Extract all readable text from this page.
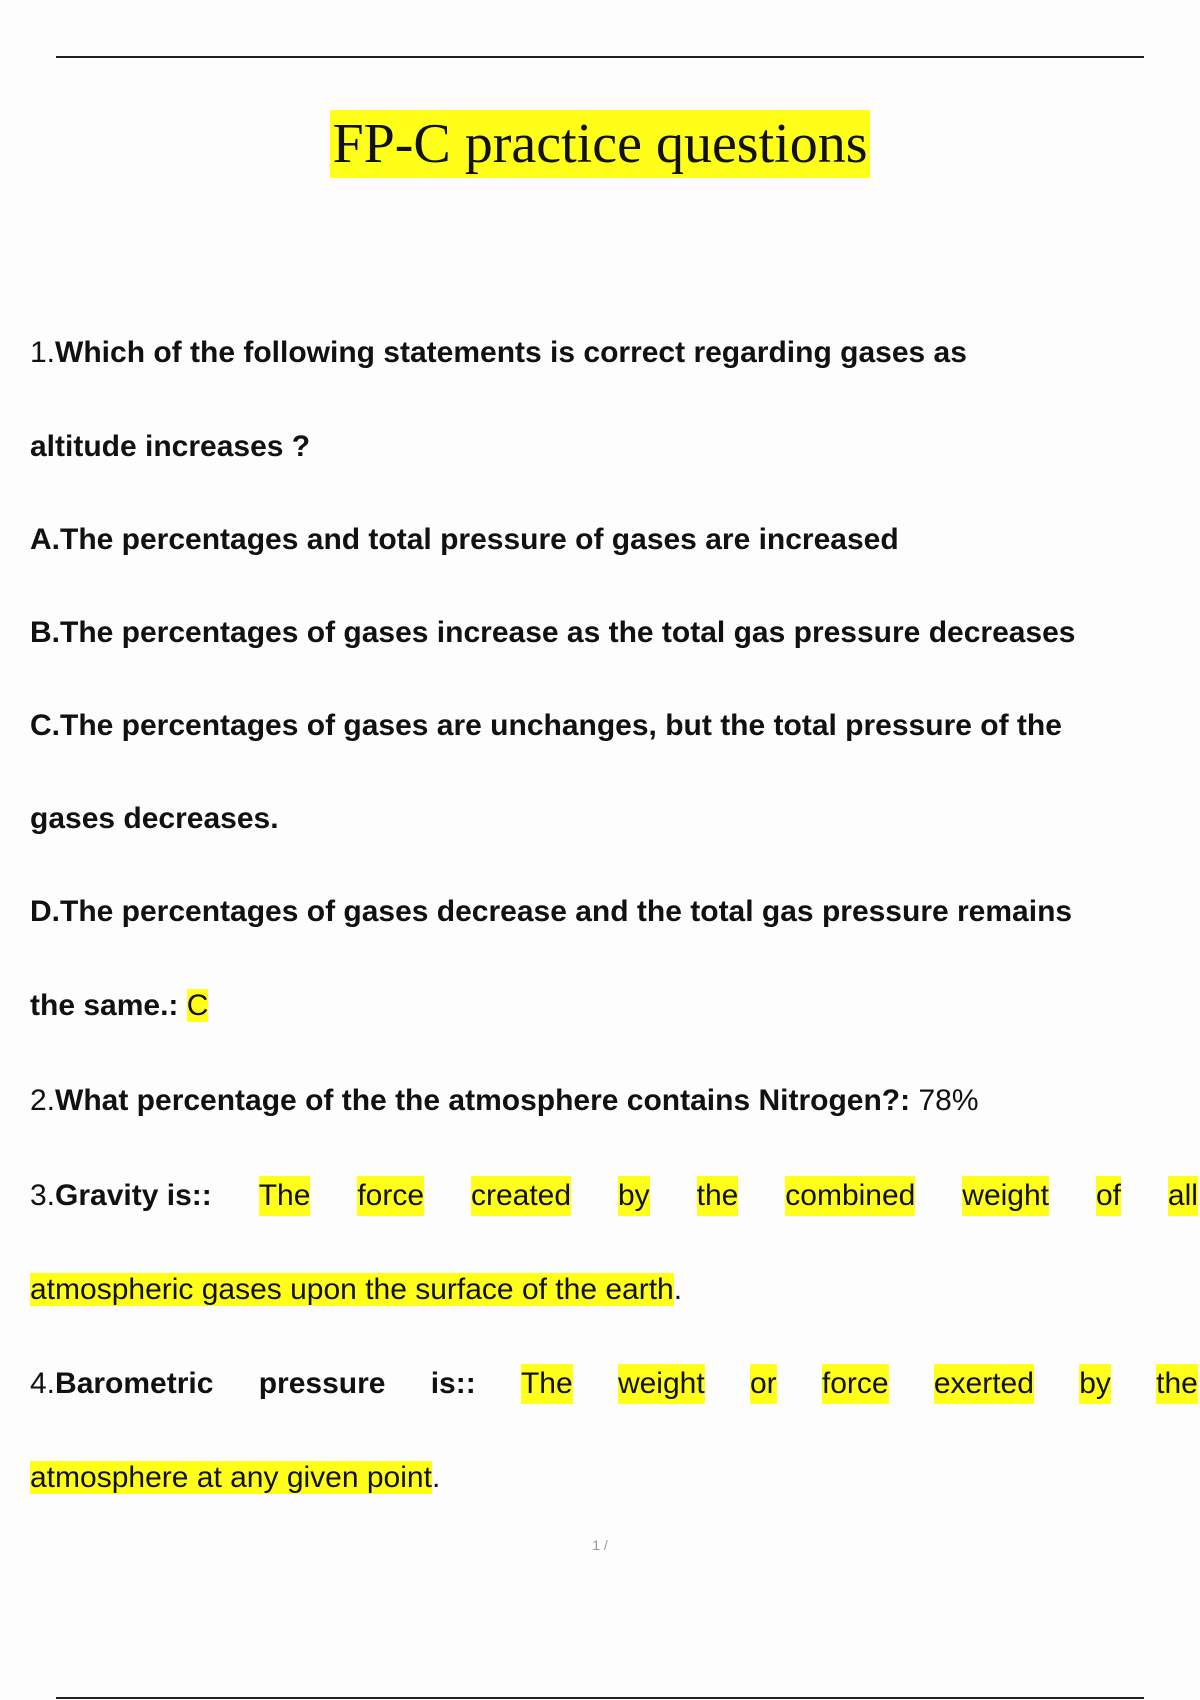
FP-C practice questions
1.Which of the following statements is correct regarding gases as
altitude increases ?
A.The percentages and total pressure of gases are increased
B.The percentages of gases increase as the total gas pressure decreases
C.The percentages of gases are unchanges, but the total pressure of the
gases decreases.
D.The percentages of gases decrease and the total gas pressure remains
the same.: C
2.What percentage of the the atmosphere contains Nitrogen?: 78%
3.Gravity is:: The force created by the combined weight of all
atmospheric gases upon the surface of the earth.
4.Barometric pressure is:: The weight or force exerted by the
atmosphere at any given point.
1 /
